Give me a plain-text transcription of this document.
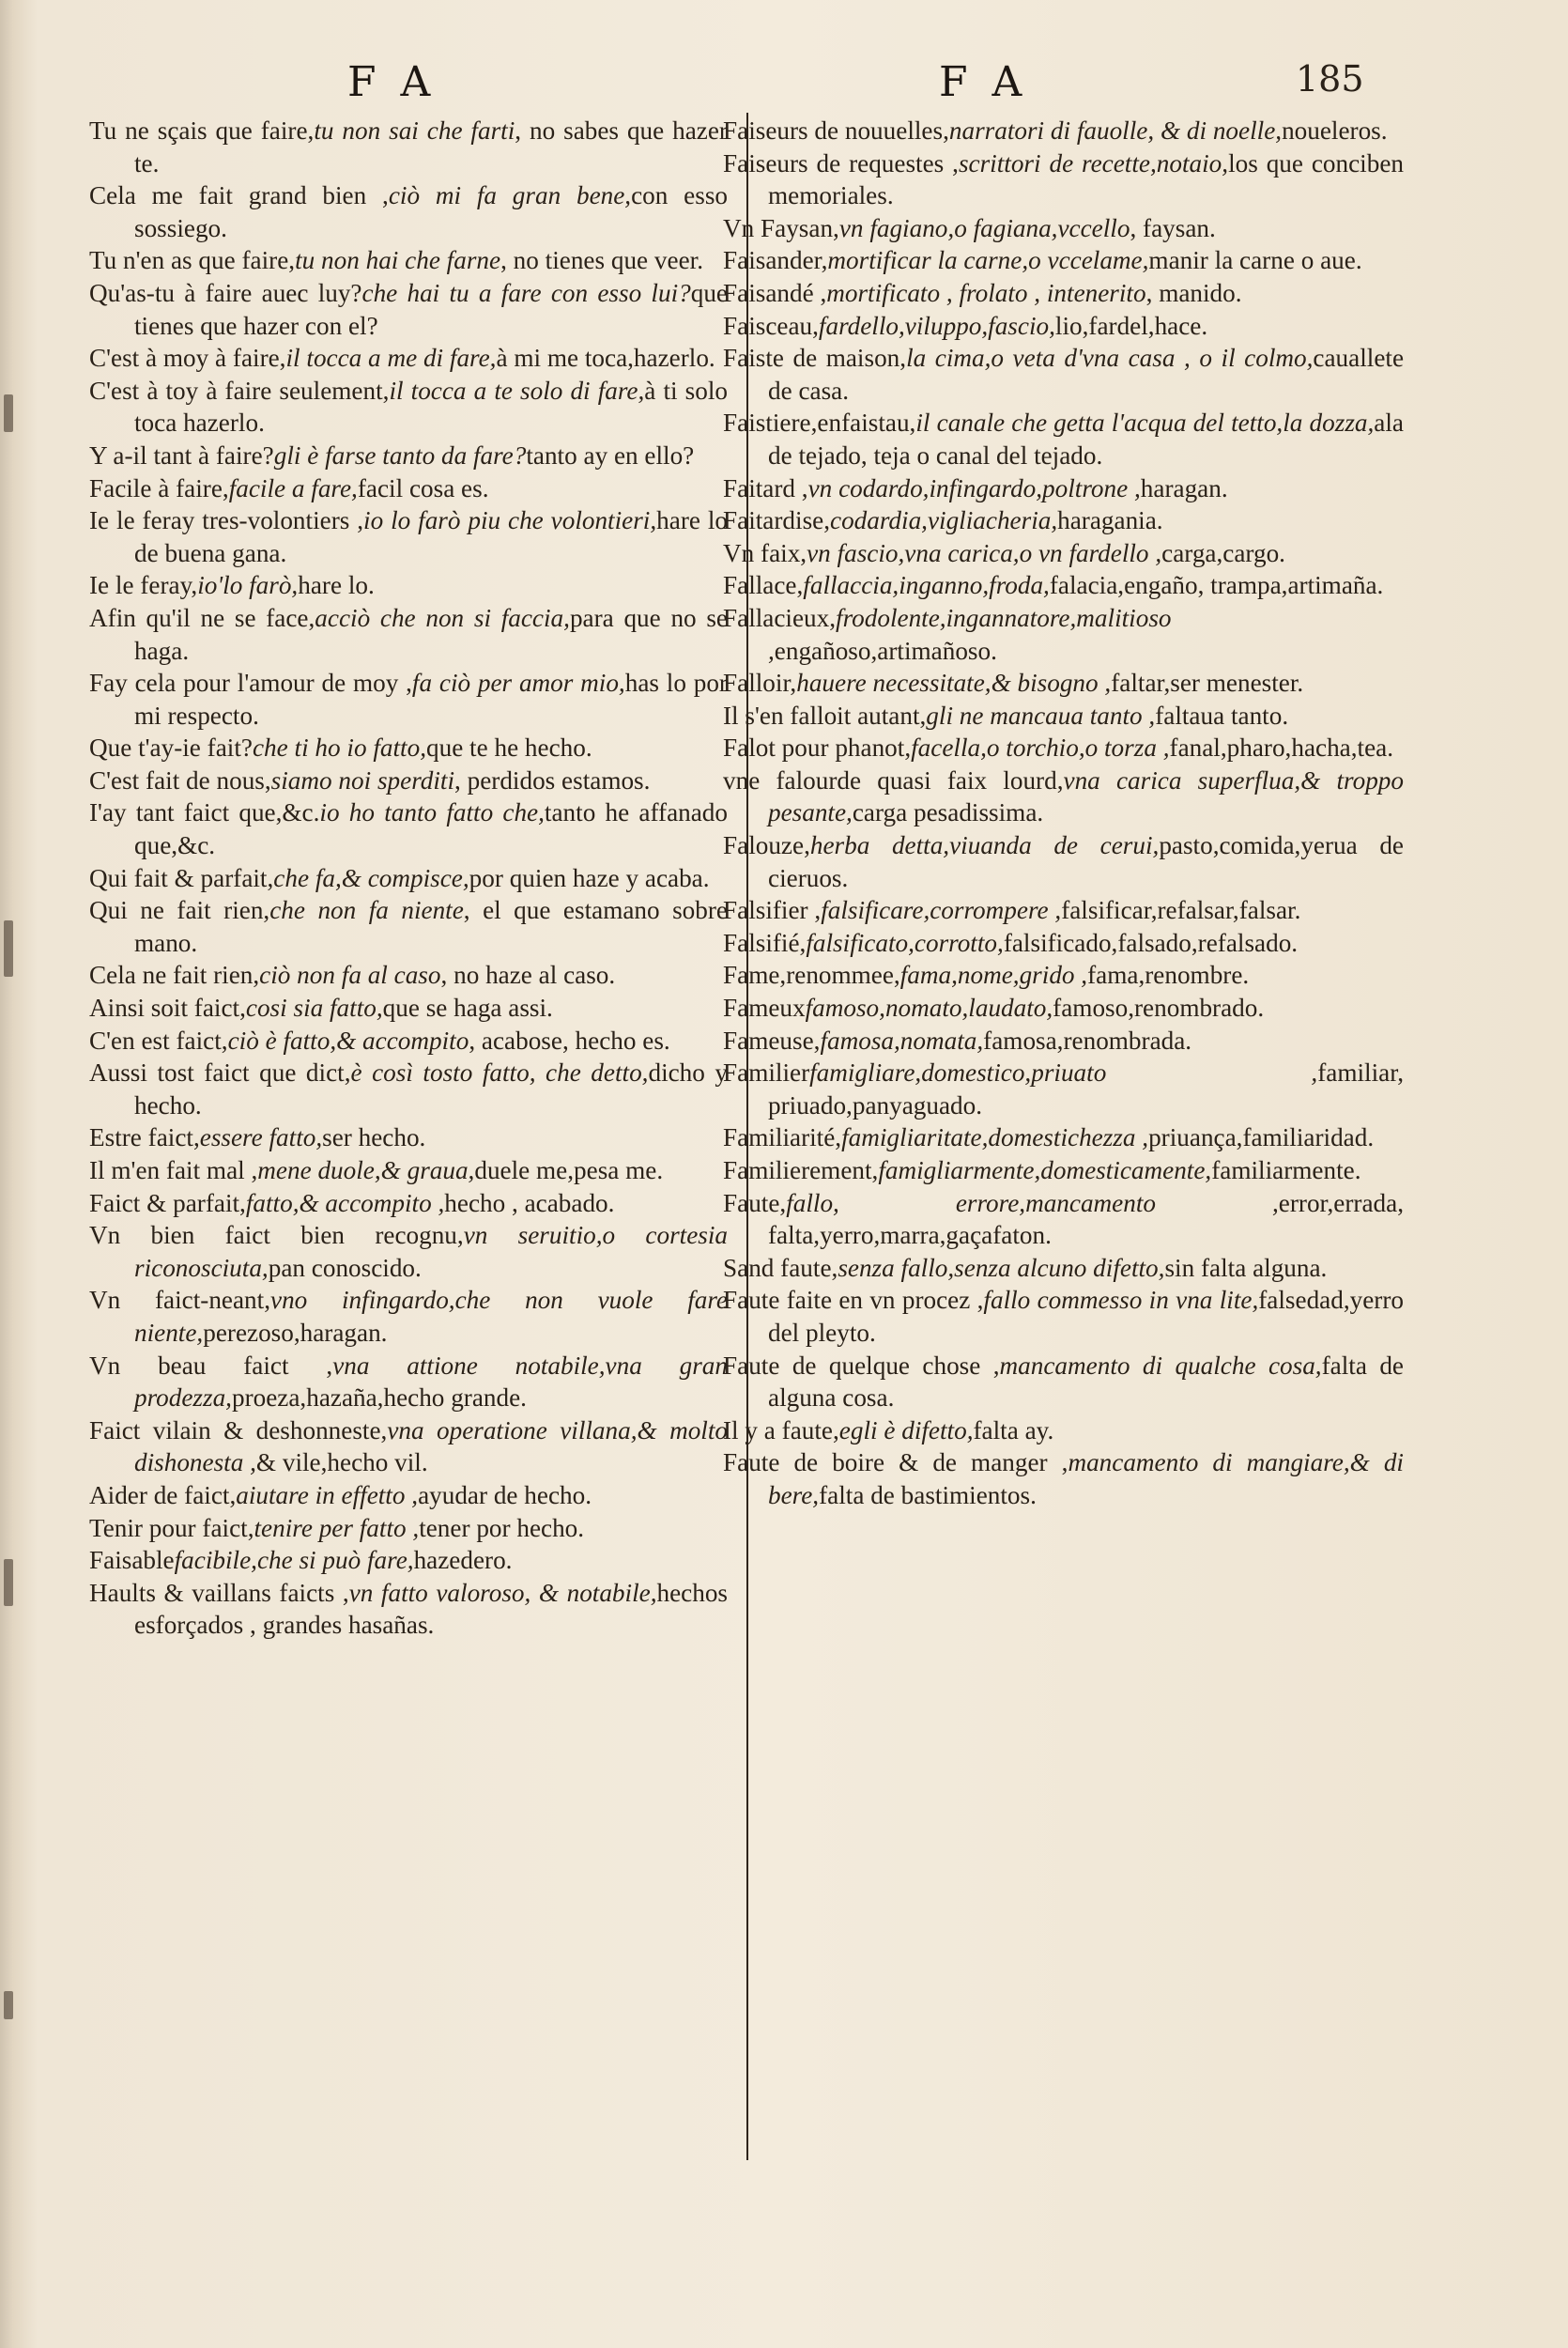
F A	F A	185
Tu ne sçais que faire,tu non sai che farti, no sabes que hazer te.
Cela me fait grand bien ,ciò mi fa gran bene,con esso sossiego.
Tu n'en as que faire,tu non hai che farne, no tienes que veer.
Qu'as-tu à faire auec luy?che hai tu a fare con esso lui?que tienes que hazer con el?
C'est à moy à faire,il tocca a me di fare,à mi me toca,hazerlo.
C'est à toy à faire seulement,il tocca a te solo di fare,à ti solo toca hazerlo.
Y a-il tant à faire?gli è farse tanto da fare?tanto ay en ello?
Facile à faire,facile a fare,facil cosa es.
Ie le feray tres-volontiers ,io lo farò piu che volontieri,hare lo de buena gana.
Ie le feray,io'lo farò,hare lo.
Afin qu'il ne se face,acciò che non si faccia,para que no se haga.
Fay cela pour l'amour de moy ,fa ciò per amor mio,has lo por mi respecto.
Que t'ay-ie fait?che ti ho io fatto,que te he hecho.
C'est fait de nous,siamo noi sperditi, perdidos estamos.
I'ay tant faict que,&c.io ho tanto fatto che,tanto he affanado que,&c.
Qui fait & parfait,che fa,& compisce,por quien haze y acaba.
Qui ne fait rien,che non fa niente, el que estamano sobre mano.
Cela ne fait rien,ciò non fa al caso, no haze al caso.
Ainsi soit faict,cosi sia fatto,que se haga assi.
C'en est faict,ciò è fatto,& accompito, acabose, hecho es.
Aussi tost faict que dict,è così tosto fatto, che detto,dicho y hecho.
Estre faict,essere fatto,ser hecho.
Il m'en fait mal ,mene duole,& graua,duele me,pesa me.
Faict & parfait,fatto,& accompito ,hecho , acabado.
Vn bien faict bien recognu,vn seruitio,o cortesia riconosciuta,pan conoscido.
Vn faict-neant,vno infingardo,che non vuole fare niente,perezoso,haragan.
Vn beau faict ,vna attione notabile,vna gran prodezza,proeza,hazaña,hecho grande.
Faict vilain & deshonneste,vna operatione villana,& molto dishonesta ,& vile,hecho vil.
Aider de faict,aiutare in effetto ,ayudar de hecho.
Tenir pour faict,tenire per fatto ,tener por hecho.
Faisablefacibile,che si può fare,hazedero.
Haults & vaillans faicts ,vn fatto valoroso, & notabile,hechos esforçados , grandes hasañas.
Faiseurs de nouuelles,narratori di fauolle, & di noelle,noueleros.
Faiseurs de requestes ,scrittori de recette,notaio,los que conciben memoriales.
Vn Faysan,vn fagiano,o fagiana,vccello, faysan.
Faisander,mortificar la carne,o vccelame,manir la carne o aue.
Faisandé ,mortificato , frolato , intenerito, manido.
Faisceau,fardello,viluppo,fascio,lio,fardel,hace.
Faiste de maison,la cima,o veta d'vna casa , o il colmo,cauallete de casa.
Faistiere,enfaistau,il canale che getta l'acqua del tetto,la dozza,ala de tejado, teja o canal del tejado.
Faitard ,vn codardo,infingardo,poltrone ,haragan.
Faitardise,codardia,vigliacheria,haragania.
Vn faix,vn fascio,vna carica,o vn fardello ,carga,cargo.
Fallace,fallaccia,inganno,froda,falacia,engaño, trampa,artimaña.
Fallacieux,frodolente,ingannatore,malitioso ,engañoso,artimañoso.
Falloir,hauere necessitate,& bisogno ,faltar,ser menester.
Il s'en falloit autant,gli ne mancaua tanto ,faltaua tanto.
Falot pour phanot,facella,o torchio,o torza ,fanal,pharo,hacha,tea.
vne falourde quasi faix lourd,vna carica superflua,& troppo pesante,carga pesadissima.
Falouze,herba detta,viuanda de cerui,pasto,comida,yerua de cieruos.
Falsifier ,falsificare,corrompere ,falsificar,refalsar,falsar.
Falsifié,falsificato,corrotto,falsificado,falsado,refalsado.
Fame,renommee,fama,nome,grido ,fama,renombre.
Fameuxfamoso,nomato,laudato,famoso,renombrado.
Fameuse,famosa,nomata,famosa,renombrada.
Familierfamigliare,domestico,priuato ,familiar, priuado,panyaguado.
Familiarité,famigliaritate,domestichezza ,priuança,familiaridad.
Familierement,famigliarmente,domesticamente,familiarmente.
Faute,fallo, errore,mancamento ,error,errada, falta,yerro,marra,gaçafaton.
Sand faute,senza fallo,senza alcuno difetto,sin falta alguna.
Faute faite en vn procez ,fallo commesso in vna lite,falsedad,yerro del pleyto.
Faute de quelque chose ,mancamento di qualche cosa,falta de alguna cosa.
Il y a faute,egli è difetto,falta ay.
Faute de boire & de manger ,mancamento di mangiare,& di bere,falta de bastimientos.
